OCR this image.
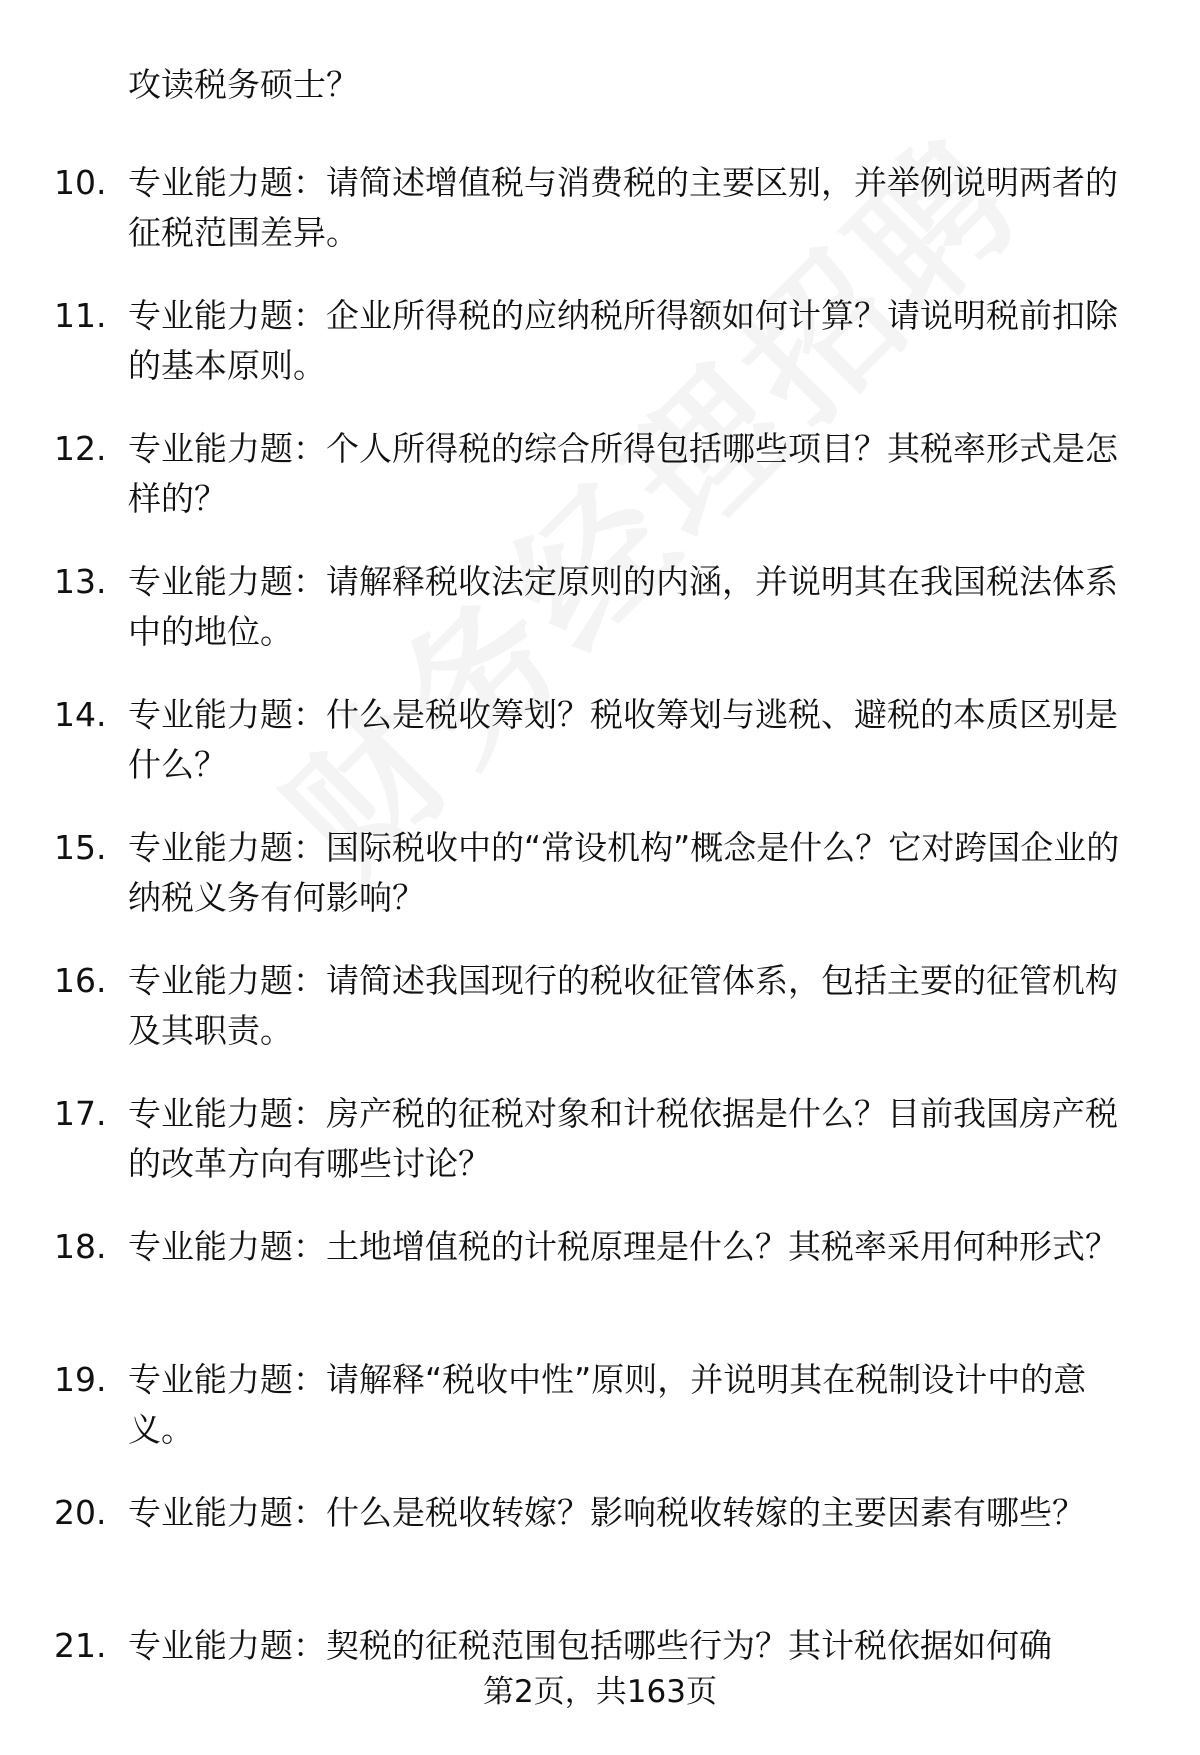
攻读税务硕士？
10. 专业能力题：请简述增值税与消费税的主要区别，并举例说明两者的征税范围差异。
11. 专业能力题：企业所得税的应纳税所得额如何计算？请说明税前扣除的基本原则。
12. 专业能力题：个人所得税的综合所得包括哪些项目？其税率形式是怎样的？
13. 专业能力题：请解释税收法定原则的内涵，并说明其在我国税法体系中的地位。
14. 专业能力题：什么是税收筹划？税收筹划与逃税、避税的本质区别是什么？
15. 专业能力题：国际税收中的“常设机构”概念是什么？它对跨国企业的纳税义务有何影响？
16. 专业能力题：请简述我国现行的税收征管体系，包括主要的征管机构及其职责。
17. 专业能力题：房产税的征税对象和计税依据是什么？目前我国房产税的改革方向有哪些讨论？
18. 专业能力题：土地增值税的计税原理是什么？其税率采用何种形式？
19. 专业能力题：请解释“税收中性”原则，并说明其在税制设计中的意义。
20. 专业能力题：什么是税收转嫁？影响税收转嫁的主要因素有哪些？
21. 专业能力题：契税的征税范围包括哪些行为？其计税依据如何确
第2页，共163页
